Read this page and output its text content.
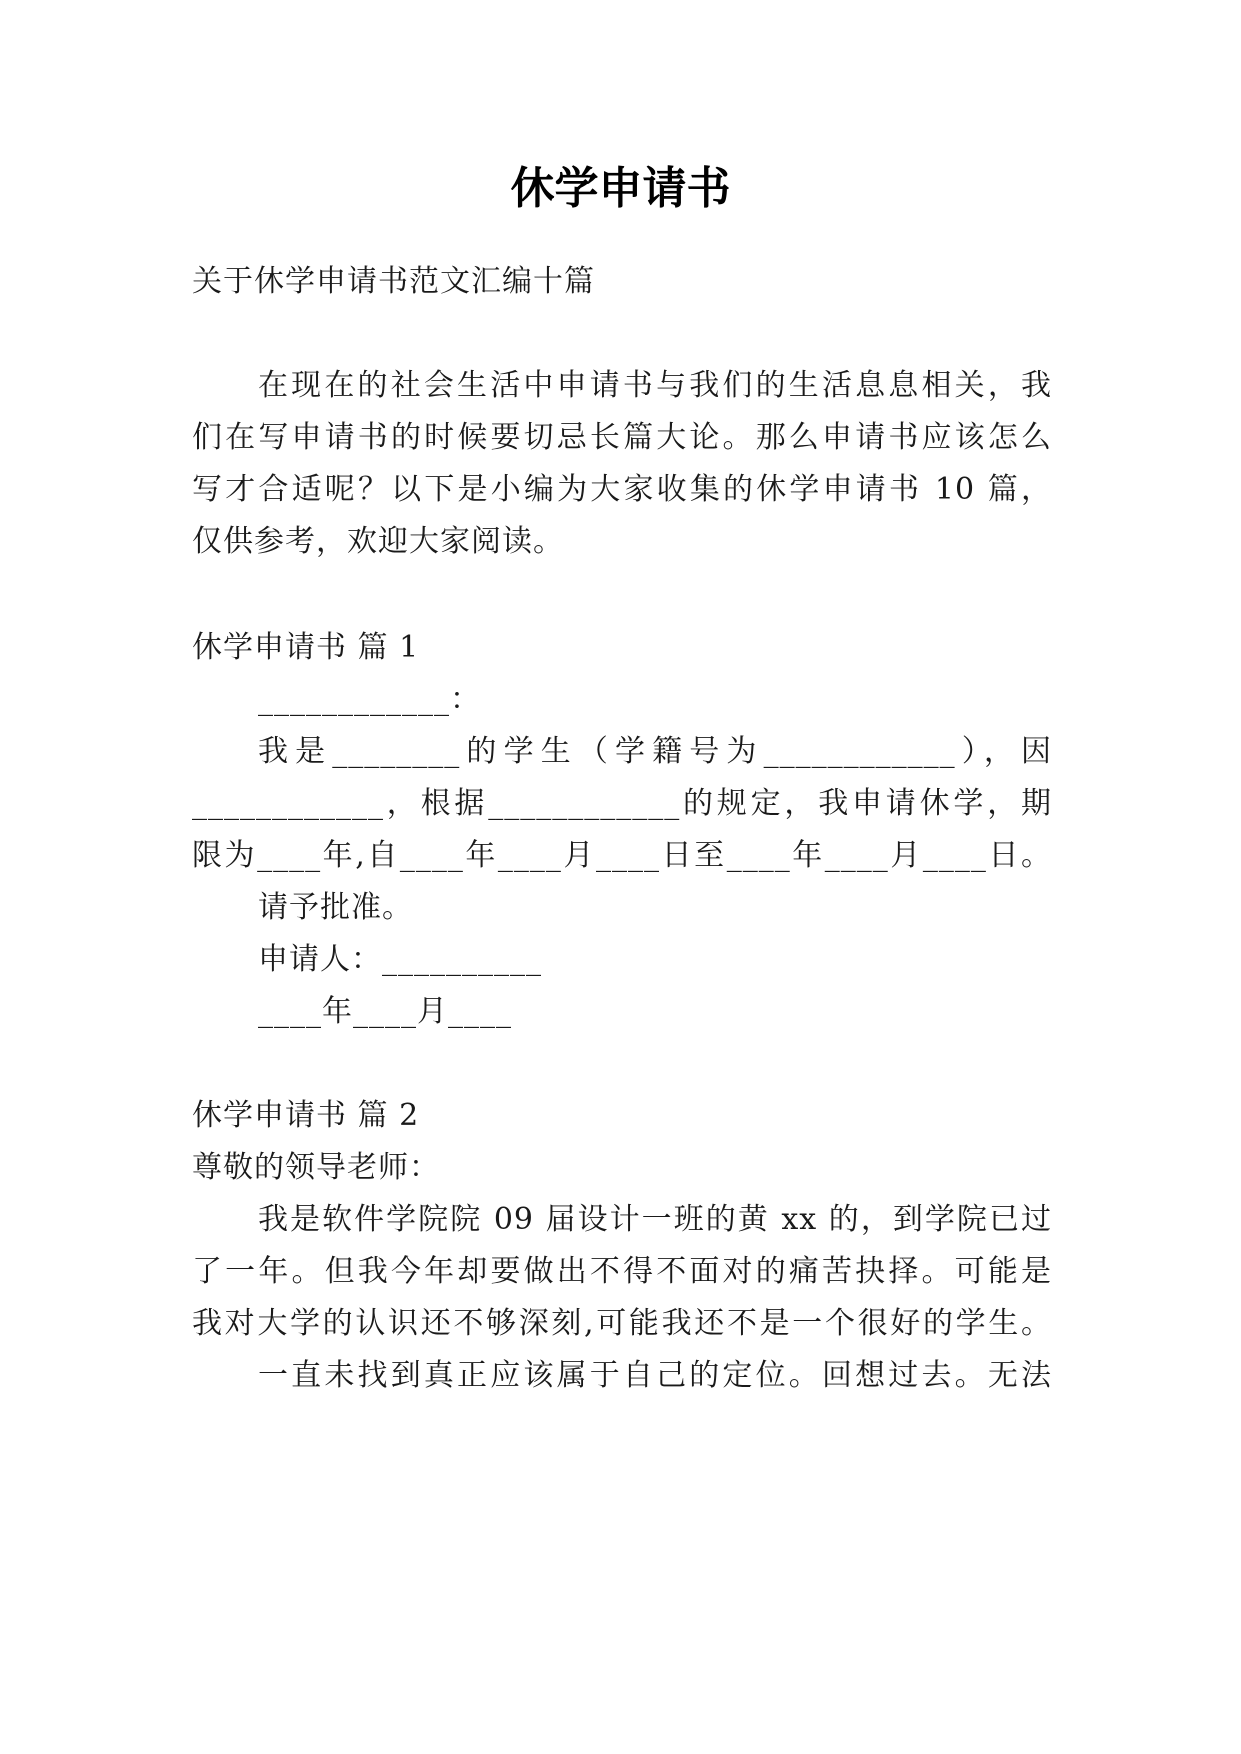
休学申请书
关于休学申请书范文汇编十篇
在现在的社会生活中申请书与我们的生活息息相关，我
们在写申请书的时候要切忌长篇大论。那么申请书应该怎么
写才合适呢？以下是小编为大家收集的休学申请书 10 篇，
仅供参考，欢迎大家阅读。
休学申请书 篇 1
____________：
我是________的学生（学籍号为____________），因
____________，根据____________的规定，我申请休学，期
限为____年,自____年____月____日至____年____月____日。
请予批准。
申请人：__________
____年____月____
休学申请书 篇 2
尊敬的领导老师：
我是软件学院院 09 届设计一班的黄 xx 的，到学院已过
了一年。但我今年却要做出不得不面对的痛苦抉择。可能是
我对大学的认识还不够深刻,可能我还不是一个很好的学生。
一直未找到真正应该属于自己的定位。回想过去。无法
